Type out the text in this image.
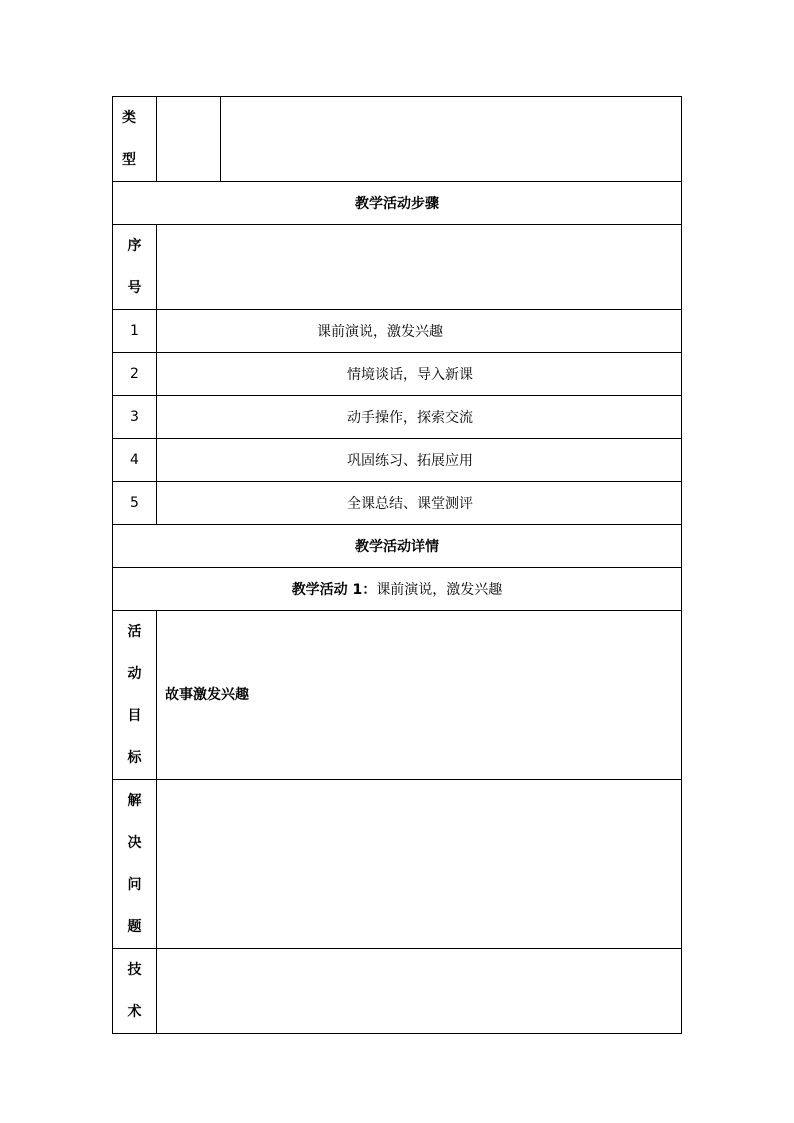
类
型		

教学活动步骤		

序
号		

1	课前演说，激发兴趣	
2	情境谈话，导入新课	
3	动手操作，探索交流	
4	巩固练习、拓展应用	
5	全课总结、课堂测评	
教学活动详情		
教学活动 1：课前演说，激发兴趣		

活
动
目
标	故事激发兴趣	

解
决
问
题		

技
术		
